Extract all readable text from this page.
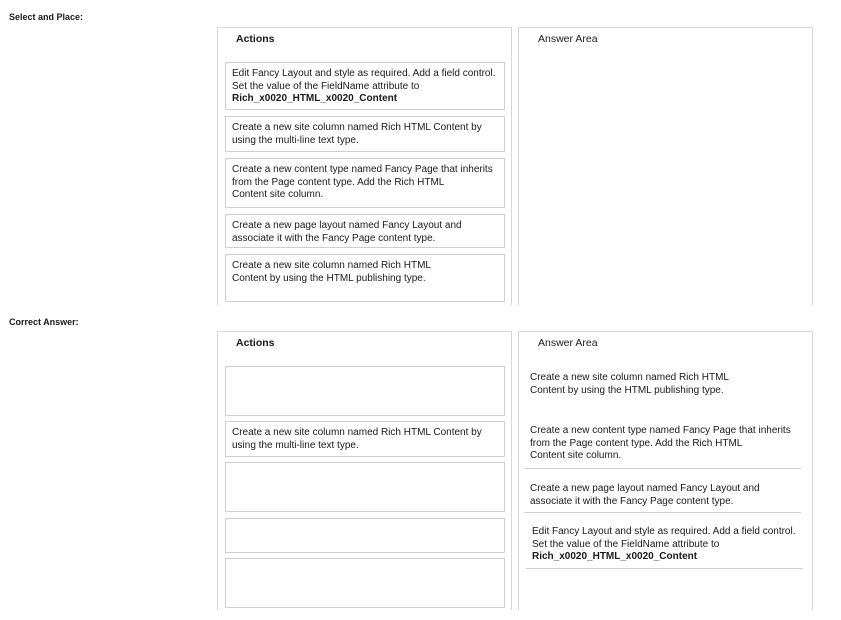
Select and Place:
Correct Answer:
Actions
Edit Fancy Layout and style as required. Add a field control.
Set the value of the FieldName attribute to
Rich_x0020_HTML_x0020_Content
Create a new site column named Rich HTML Content by
using the multi-line text type.
Create a new content type named Fancy Page that inherits
from the Page content type. Add the Rich HTML
Content site column.
Create a new page layout named Fancy Layout and
associate it with the Fancy Page content type.
Create a new site column named Rich HTML
Content by using the HTML publishing type.
Answer Area
Actions
Create a new site column named Rich HTML Content by
using the multi-line text type.
Answer Area
Create a new site column named Rich HTML
Content by using the HTML publishing type.
Create a new content type named Fancy Page that inherits
from the Page content type. Add the Rich HTML
Content site column.
Create a new page layout named Fancy Layout and
associate it with the Fancy Page content type.
Edit Fancy Layout and style as required. Add a field control.
Set the value of the FieldName attribute to
Rich_x0020_HTML_x0020_Content
